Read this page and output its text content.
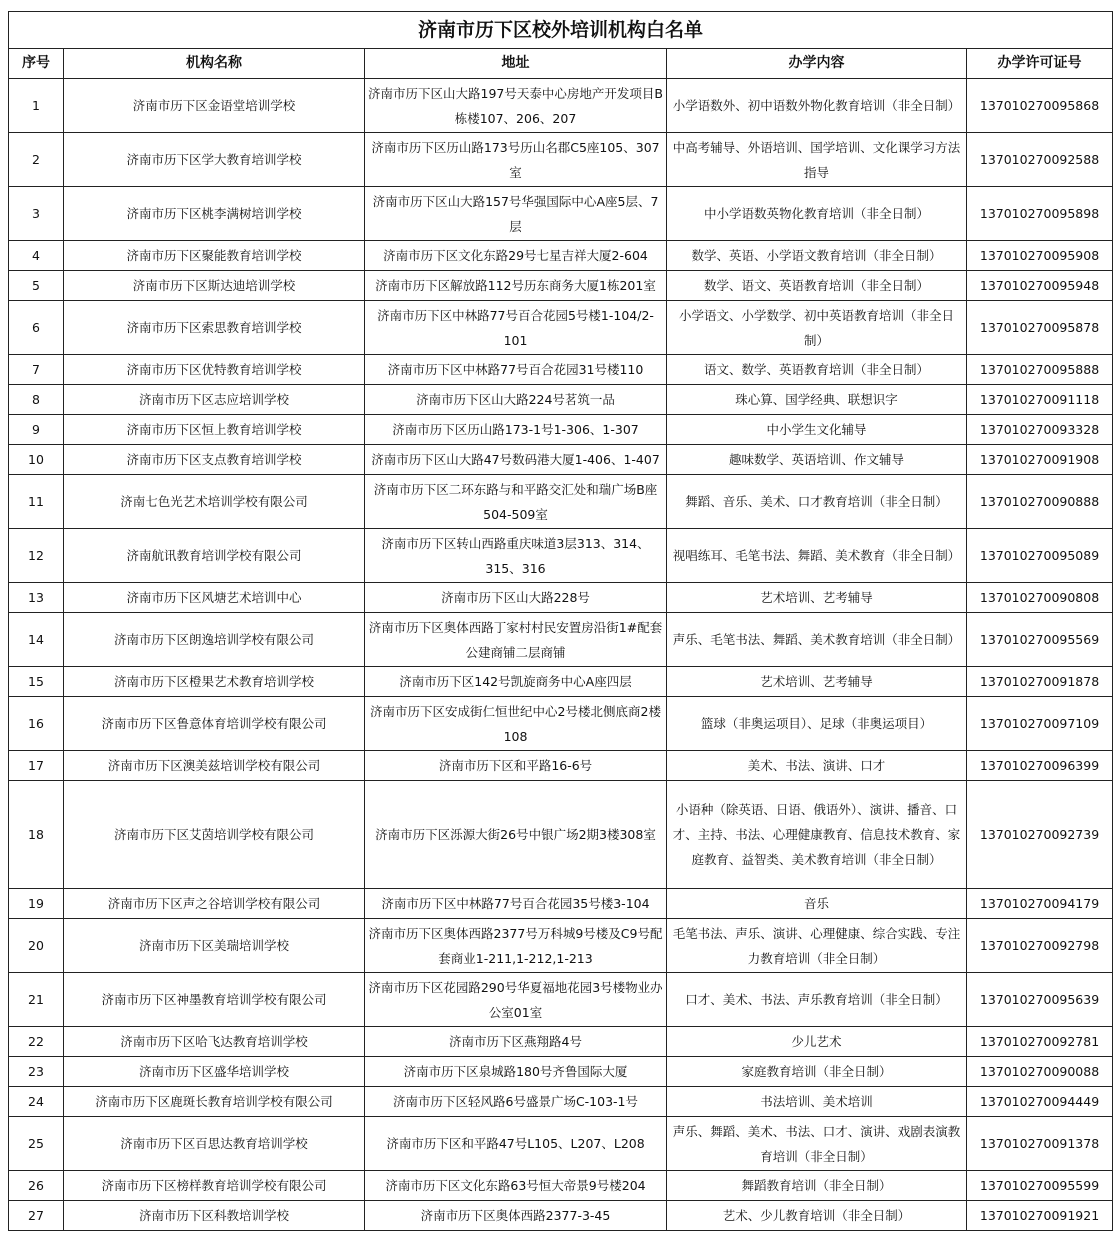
济南市历下区校外培训机构白名单				
序号	机构名称	地址	办学内容	办学许可证号
1	济南市历下区金语堂培训学校	济南市历下区山大路197号天泰中心房地产开发项目B栋楼107、206、207	小学语数外、初中语数外物化教育培训（非全日制）	137010270095868
2	济南市历下区学大教育培训学校	济南市历下区历山路173号历山名郡C5座105、307室	中高考辅导、外语培训、国学培训、文化课学习方法指导	137010270092588
3	济南市历下区桃李满树培训学校	济南市历下区山大路157号华强国际中心A座5层、7层	中小学语数英物化教育培训（非全日制）	137010270095898
4	济南市历下区聚能教育培训学校	济南市历下区文化东路29号七星吉祥大厦2-604	数学、英语、小学语文教育培训（非全日制）	137010270095908
5	济南市历下区斯达迪培训学校	济南市历下区解放路112号历东商务大厦1栋201室	数学、语文、英语教育培训（非全日制）	137010270095948
6	济南市历下区索思教育培训学校	济南市历下区中林路77号百合花园5号楼1-104/2-101	小学语文、小学数学、初中英语教育培训（非全日制）	137010270095878
7	济南市历下区优特教育培训学校	济南市历下区中林路77号百合花园31号楼110	语文、数学、英语教育培训（非全日制）	137010270095888
8	济南市历下区志应培训学校	济南市历下区山大路224号茗筑一品	珠心算、国学经典、联想识字	137010270091118
9	济南市历下区恒上教育培训学校	济南市历下区历山路173-1号1-306、1-307	中小学生文化辅导	137010270093328
10	济南市历下区支点教育培训学校	济南市历下区山大路47号数码港大厦1-406、1-407	趣味数学、英语培训、作文辅导	137010270091908
11	济南七色光艺术培训学校有限公司	济南市历下区二环东路与和平路交汇处和瑞广场B座504-509室	舞蹈、音乐、美术、口才教育培训（非全日制）	137010270090888
12	济南航讯教育培训学校有限公司	济南市历下区转山西路重庆味道3层313、314、315、316	视唱练耳、毛笔书法、舞蹈、美术教育（非全日制）	137010270095089
13	济南市历下区风塘艺术培训中心	济南市历下区山大路228号	艺术培训、艺考辅导	137010270090808
14	济南市历下区朗逸培训学校有限公司	济南市历下区奥体西路丁家村村民安置房沿街1#配套公建商铺二层商铺	声乐、毛笔书法、舞蹈、美术教育培训（非全日制）	137010270095569
15	济南市历下区橙果艺术教育培训学校	济南市历下区142号凯旋商务中心A座四层	艺术培训、艺考辅导	137010270091878
16	济南市历下区鲁意体育培训学校有限公司	济南市历下区安成街仁恒世纪中心2号楼北侧底商2楼108	篮球（非奥运项目）、足球（非奥运项目）	137010270097109
17	济南市历下区澳美兹培训学校有限公司	济南市历下区和平路16-6号	美术、书法、演讲、口才	137010270096399
18	济南市历下区艾茵培训学校有限公司	济南市历下区泺源大街26号中银广场2期3楼308室	小语种（除英语、日语、俄语外）、演讲、播音、口才、主持、书法、心理健康教育、信息技术教育、家庭教育、益智类、美术教育培训（非全日制）	137010270092739
19	济南市历下区声之谷培训学校有限公司	济南市历下区中林路77号百合花园35号楼3-104	音乐	137010270094179
20	济南市历下区美瑞培训学校	济南市历下区奥体西路2377号万科城9号楼及C9号配套商业1-211,1-212,1-213	毛笔书法、声乐、演讲、心理健康、综合实践、专注力教育培训（非全日制）	137010270092798
21	济南市历下区神墨教育培训学校有限公司	济南市历下区花园路290号华夏福地花园3号楼物业办公室01室	口才、美术、书法、声乐教育培训（非全日制）	137010270095639
22	济南市历下区哈飞达教育培训学校	济南市历下区燕翔路4号	少儿艺术	137010270092781
23	济南市历下区盛华培训学校	济南市历下区泉城路180号齐鲁国际大厦	家庭教育培训（非全日制）	137010270090088
24	济南市历下区鹿斑长教育培训学校有限公司	济南市历下区轻风路6号盛景广场C-103-1号	书法培训、美术培训	137010270094449
25	济南市历下区百思达教育培训学校	济南市历下区和平路47号L105、L207、L208	声乐、舞蹈、美术、书法、口才、演讲、戏剧表演教育培训（非全日制）	137010270091378
26	济南市历下区榜样教育培训学校有限公司	济南市历下区文化东路63号恒大帝景9号楼204	舞蹈教育培训（非全日制）	137010270095599
27	济南市历下区科教培训学校	济南市历下区奥体西路2377-3-45	艺术、少儿教育培训（非全日制）	137010270091921
